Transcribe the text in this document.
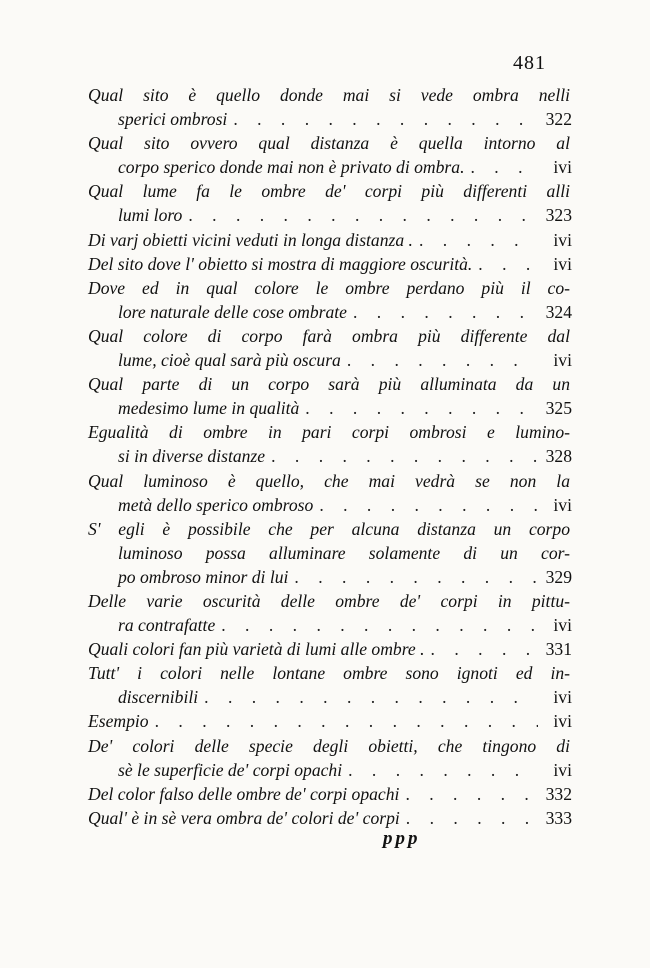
481
Qual sito è quello donde mai si vede ombra nelli
sperici ombrosi . . .	322
Qual sito ovvero qual distanza è quella intorno al
corpo sperico donde mai non è privato di ombra. . . .	ivi
Qual lume fa le ombre de' corpi più differenti alli
lumi loro . . .	323
Di varj obietti vicini veduti in longa distanza . . . .	ivi
Del sito dove l' obietto si mostra di maggiore oscurità. . . .	ivi
Dove ed in qual colore le ombre perdano più il co-
lore naturale delle cose ombrate . . .	324
Qual colore di corpo farà ombra più differente dal
lume, cioè qual sarà più oscura . . .	ivi
Qual parte di un corpo sarà più alluminata da un
medesimo lume in qualità . . .	325
Egualità di ombre in pari corpi ombrosi e lumino-
si in diverse distanze . . .	328
Qual luminoso è quello, che mai vedrà se non la
metà dello sperico ombroso . . .	ivi
S' egli è possibile che per alcuna distanza un corpo
luminoso possa alluminare solamente di un cor-
po ombroso minor di lui . . .	329
Delle varie oscurità delle ombre de' corpi in pittu-
ra contrafatte . . .	ivi
Quali colori fan più varietà di lumi alle ombre . . . .	331
Tutt' i colori nelle lontane ombre sono ignoti ed in-
discernibili . . .	ivi
Esempio . . .	ivi
De' colori delle specie degli obietti, che tingono di
sè le superficie de' corpi opachi . . .	ivi
Del color falso delle ombre de' corpi opachi . . .	332
Qual' è in sè vera ombra de' colori de' corpi . . .	333
ppp
